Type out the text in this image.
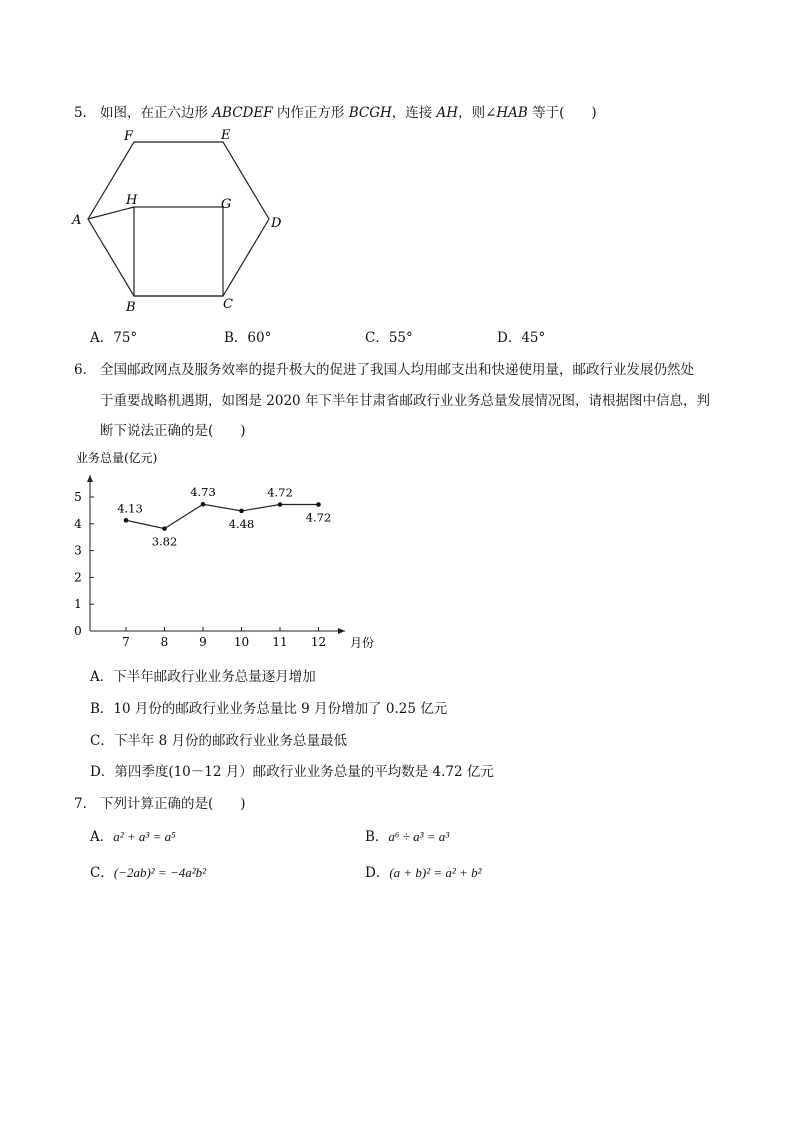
5. 如图，在正六边形 ABCDEF 内作正方形 BCGH，连接 AH，则∠HAB 等于(　　)
F	E
A
H	G
D
B	C
A．75°	B．60°	C．55°	D．45°
6. 全国邮政网点及服务效率的提升极大的促进了我国人均用邮支出和快递使用量，邮政行业发展仍然处
于重要战略机遇期，如图是 2020 年下半年甘肃省邮政行业业务总量发展情况图，请根据图中信息，判
断下说法正确的是(　　)
业务总量(亿元)
月份
0
1
2
3
4
5
7	8	9 10 11 12
4.13
3.82
4.73
4.48
4.72
4.72
A．下半年邮政行业业务总量逐月增加
B．10 月份的邮政行业业务总量比 9 月份增加了 0.25 亿元
C．下半年 8 月份的邮政行业业务总量最低
D．第四季度(10－12 月）邮政行业业务总量的平均数是 4.72 亿元
7. 下列计算正确的是(　　)
A．a² + a³ = a⁵	B．a⁶ ÷ a³ = a³
C．(−2ab)² = −4a²b²	D．(a + b)² = a² + b²
